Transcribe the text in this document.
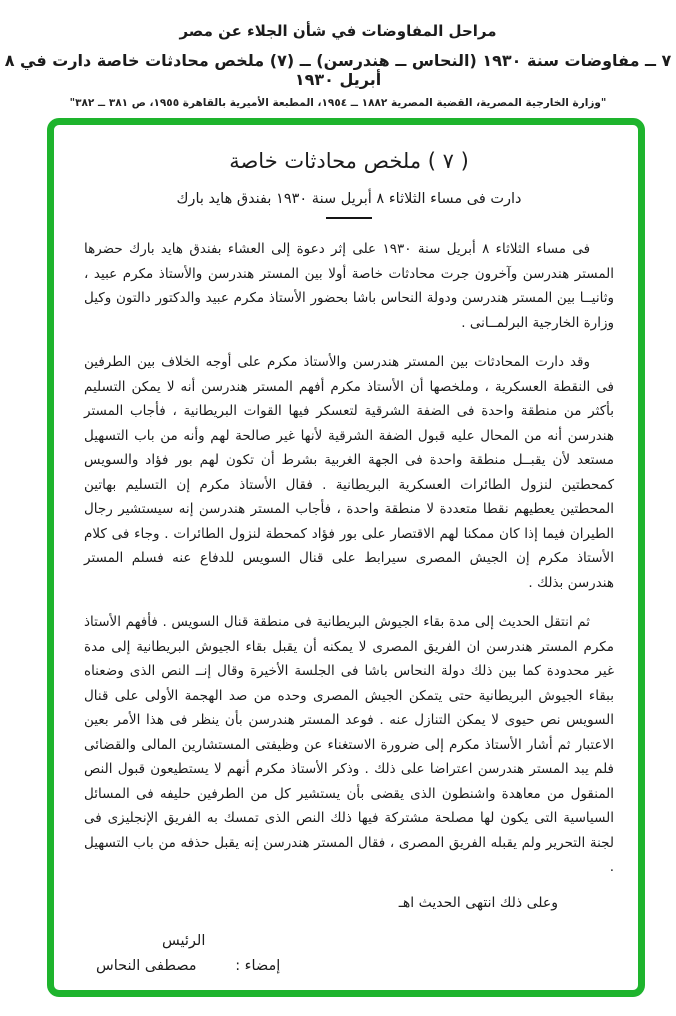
مراحل المفاوضات في شأن الجلاء عن مصر
٧ ــ مفاوضات سنة ١٩٣٠ (النحاس ــ هندرسن) ــ (٧) ملخص محادثات خاصة دارت في ٨ أبريل ١٩٣٠
"وزارة الخارجية المصرية، القضية المصرية ١٨٨٢ ــ ١٩٥٤، المطبعة الأميرية بالقاهرة ١٩٥٥، ص ٣٨١ ــ ٣٨٢"
( ٧ ) ملخص محادثات خاصة
دارت فى مساء الثلاثاء ٨ أبريل سنة ١٩٣٠ بفندق هايد بارك

فى مساء الثلاثاء ٨ أبريل سنة ١٩٣٠ على إثر دعوة إلى العشاء بفندق هايد بارك حضرها المستر هندرسن وآخرون جرت محادثات خاصة أولا بين المستر هندرسن والأستاذ مكرم عبيد ، وثانيــا بين المستر هندرسن ودولة النحاس باشا بحضور الأستاذ مكرم عبيد والدكتور دالتون وكيل وزارة الخارجية البرلمــانى .

وقد دارت المحادثات بين المستر هندرسن والأستاذ مكرم على أوجه الخلاف بين الطرفين فى النقطة العسكرية ، وملخصها أن الأستاذ مكرم أفهم المستر هندرسن أنه لا يمكن التسليم بأكثر من منطقة واحدة فى الضفة الشرقية لتعسكر فيها القوات البريطانية ، فأجاب المستر هندرسن أنه من المحال عليه قبول الضفة الشرقية لأنها غير صالحة لهم وأنه من باب التسهيل مستعد لأن يقبــل منطقة واحدة فى الجهة الغربية بشرط أن تكون لهم بور فؤاد والسويس كمحطتين لنزول الطائرات العسكرية البريطانية . فقال الأستاذ مكرم إن التسليم بهاتين المحطتين يعطيهم نقطا متعددة لا منطقة واحدة ، فأجاب المستر هندرسن إنه سيستشير رجال الطيران فيما إذا كان ممكنا لهم الاقتصار على بور فؤاد كمحطة لنزول الطائرات . وجاء فى كلام الأستاذ مكرم إن الجيش المصرى سيرابط على قنال السويس للدفاع عنه فسلم المستر هندرسن بذلك .

ثم انتقل الحديث إلى مدة بقاء الجيوش البريطانية فى منطقة قنال السويس . فأفهم الأستاذ مكرم المستر هندرسن ان الفريق المصرى لا يمكنه أن يقبل بقاء الجيوش البريطانية إلى مدة غير محدودة كما بين ذلك دولة النحاس باشا فى الجلسة الأخيرة وقال إنــ النص الذى وضعناه ببقاء الجيوش البريطانية حتى يتمكن الجيش المصرى وحده من صد الهجمة الأولى على قنال السويس نص حيوى لا يمكن التنازل عنه . فوعد المستر هندرسن بأن ينظر فى هذا الأمر بعين الاعتبار ثم أشار الأستاذ مكرم إلى ضرورة الاستغناء عن وظيفتى المستشارين المالى والقضائى فلم يبد المستر هندرسن اعتراضا على ذلك . وذكر الأستاذ مكرم أنهم لا يستطيعون قبول النص المنقول من معاهدة واشنطون الذى يقضى بأن يستشير كل من الطرفين حليفه فى المسائل السياسية التى يكون لها مصلحة مشتركة فيها ذلك النص الذى تمسك به الفريق الإنجليزى فى لجنة التحرير ولم يقبله الفريق المصرى ، فقال المستر هندرسن إنه يقبل حذفه من باب التسهيل .

وعلى ذلك انتهى الحديث اهـ
الرئيس
إمضاء : مصطفى النحاس
